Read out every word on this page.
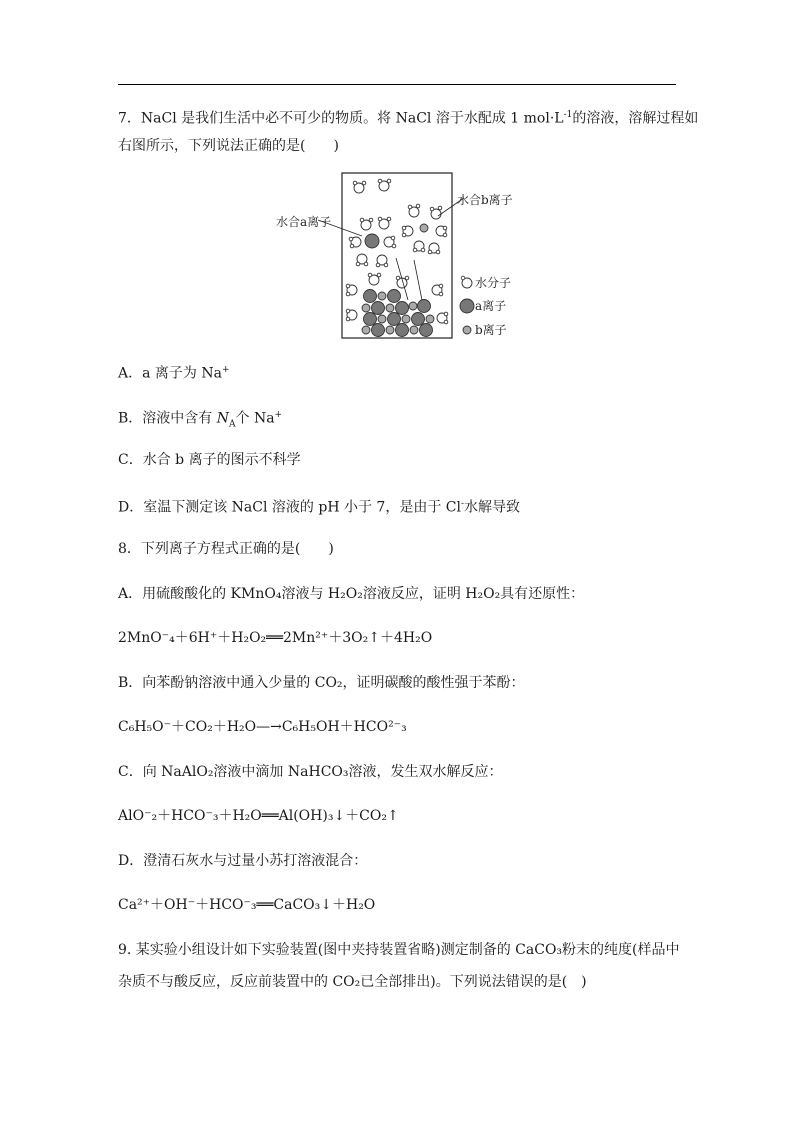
7．NaCl 是我们生活中必不可少的物质。将 NaCl 溶于水配成 1 $mol\cdot L^{-1}$的溶液，溶解过程如
右图所示，下列说法正确的是(　　)
水合a离子
水合b离子
水分子
a离子
b离子
A．a 离子为 Na+
B．溶液中含有 $N_A$个 Na+
C．水合 b 离子的图示不科学
D．室温下测定该 NaCl 溶液的 pH 小于 7，是由于 Cl-水解导致
8．下列离子方程式正确的是(　　)
A．用硫酸酸化的 KMnO₄溶液与 H₂O₂溶液反应，证明 H₂O₂具有还原性：
2MnO⁻₄＋6H⁺＋H₂O₂══2Mn²⁺＋3O₂↑＋4H₂O
B．向苯酚钠溶液中通入少量的 CO₂，证明碳酸的酸性强于苯酚：
C₆H₅O⁻＋CO₂＋H₂O—→C₆H₅OH＋HCO²⁻₃
C．向 NaAlO₂溶液中滴加 NaHCO₃溶液，发生双水解反应：
AlO⁻₂＋HCO⁻₃＋H₂O══Al(OH)₃↓＋CO₂↑
D．澄清石灰水与过量小苏打溶液混合：
Ca²⁺＋OH⁻＋HCO⁻₃══CaCO₃↓＋H₂O
9. 某实验小组设计如下实验装置(图中夹持装置省略)测定制备的 CaCO₃粉末的纯度(样品中
杂质不与酸反应，反应前装置中的 CO₂已全部排出)。下列说法错误的是(　)
